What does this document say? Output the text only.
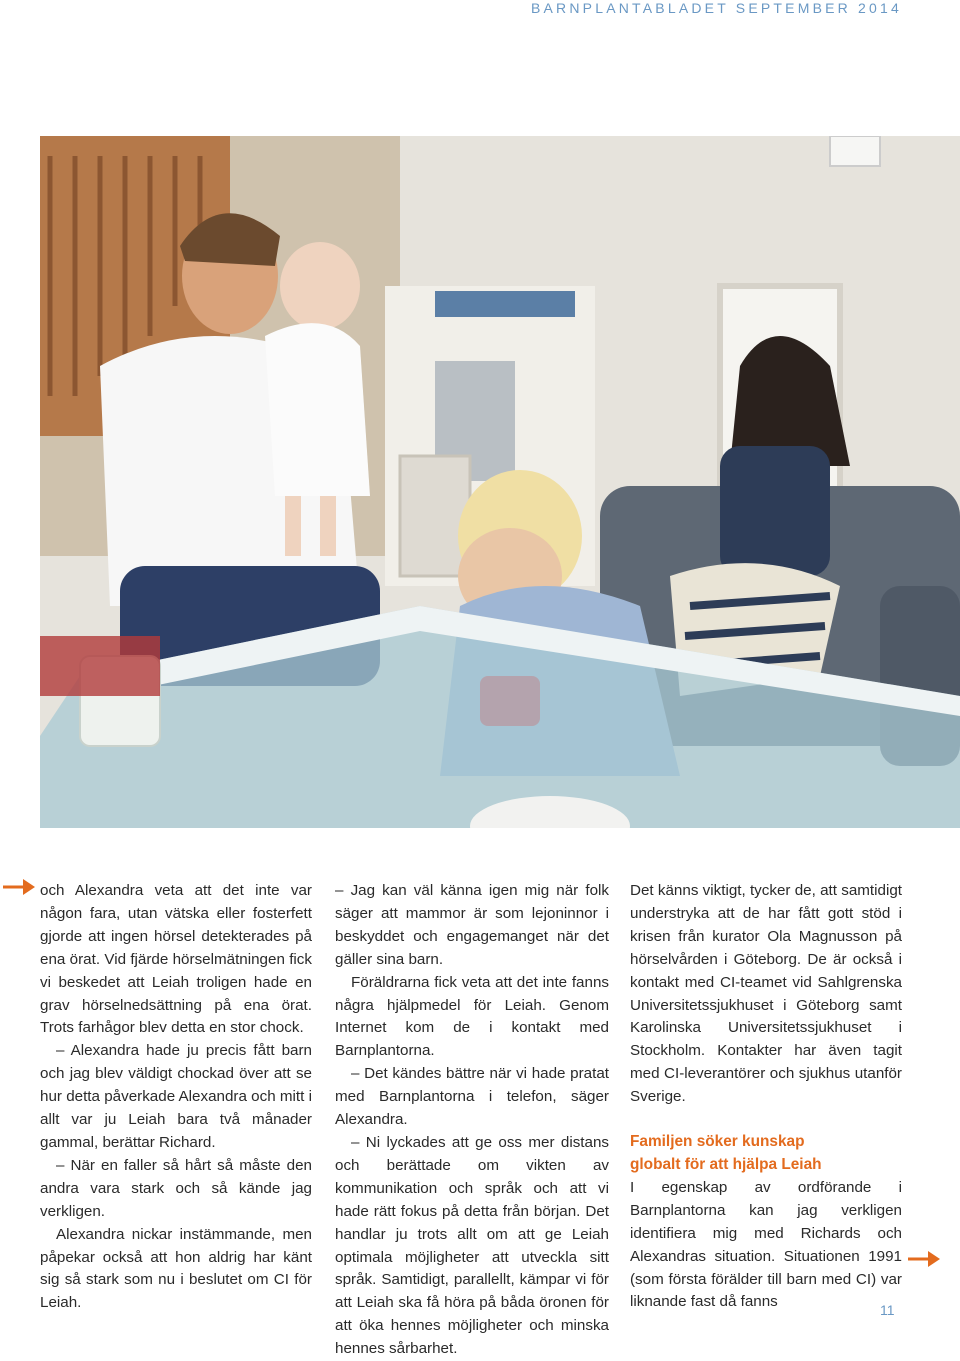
BARNPLANTABLADET SEPTEMBER 2014

och Alexandra veta att det inte var någon fara, utan vätska eller fosterfett gjorde att ingen hörsel detekterades på ena örat. Vid fjärde hörselmätningen fick vi beskedet att Leiah troligen hade en grav hörselnedsättning på ena örat. Trots farhågor blev detta en stor chock.

– Alexandra hade ju precis fått barn och jag blev väldigt chockad över att se hur detta påverkade Alexandra och mitt i allt var ju Leiah bara två månader gammal, berättar Richard.

– När en faller så hårt så måste den andra vara stark och så kände jag verkligen.

Alexandra nickar instämmande, men påpekar också att hon aldrig har känt sig så stark som nu i beslutet om CI för Leiah.

– Jag kan väl känna igen mig när folk säger att mammor är som lejoninnor i beskyddet och engagemanget när det gäller sina barn.

Föräldrarna fick veta att det inte fanns några hjälpmedel för Leiah. Genom Internet kom de i kontakt med Barnplantorna.

– Det kändes bättre när vi hade pratat med Barnplantorna i telefon, säger Alexandra.

– Ni lyckades att ge oss mer distans och berättade om vikten av kommunikation och språk och att vi hade rätt fokus på detta från början. Det handlar ju trots allt om att ge Leiah optimala möjligheter att utveckla sitt språk. Samtidigt, parallellt, kämpar vi för att Leiah ska få höra på båda öronen för att öka hennes möjligheter och minska hennes sårbarhet.

Det känns viktigt, tycker de, att samtidigt understryka att de har fått gott stöd i krisen från kurator Ola Magnusson på hörselvården i Göteborg. De är också i kontakt med CI-teamet vid Sahlgrenska Universitetssjukhuset i Göteborg samt Karolinska Universitetssjukhuset i Stockholm. Kontakter har även tagit med CI-leverantörer och sjukhus utanför Sverige.

Familjen söker kunskap
globalt för att hjälpa Leiah

I egenskap av ordförande i Barnplantorna kan jag verkligen identifiera mig med Richards och Alexandras situation. Situationen 1991 (som första förälder till barn med CI) var liknande fast då fanns	11
